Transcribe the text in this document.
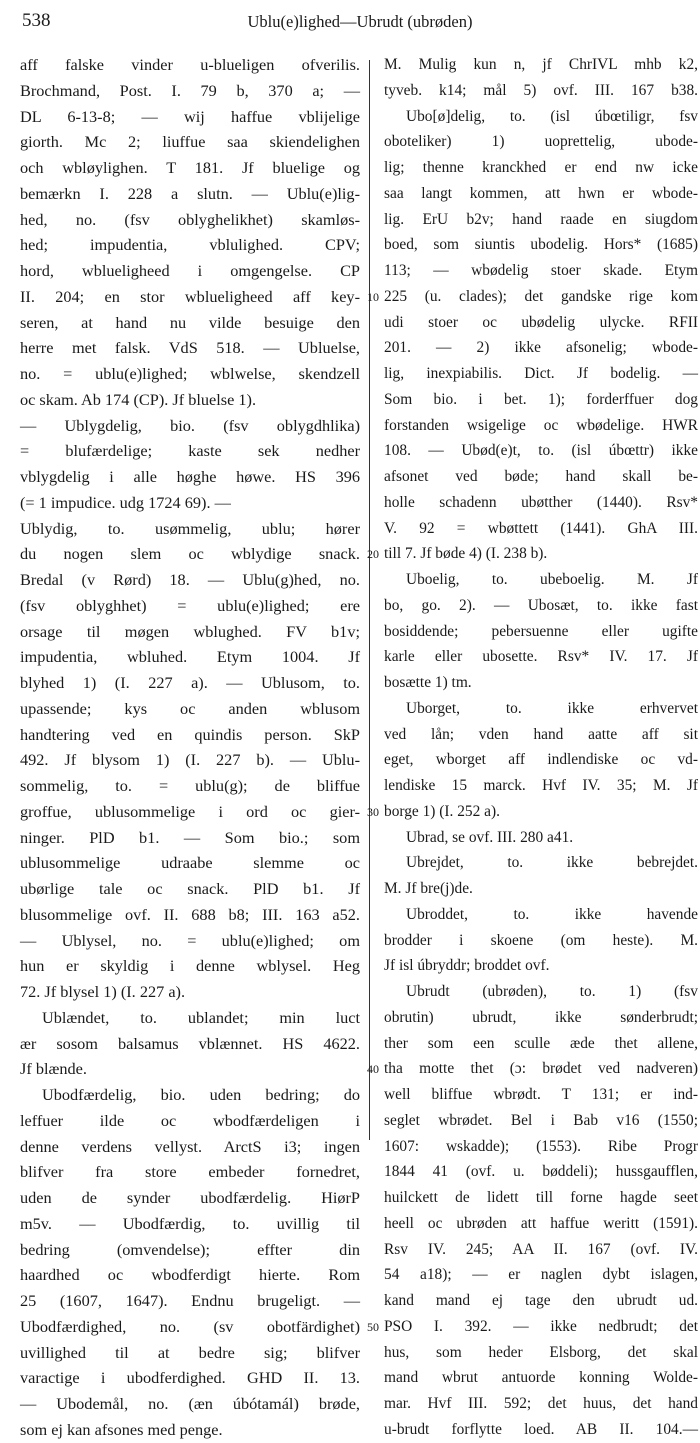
538	Ublu(e)lighed—Ubrudt (ubrøden)
aff falske vinder u-blueligen ofverilis.
Brochmand, Post. I. 79 b, 370 a; —
DL 6-13-8; — wij haffue vblijelige
giorth. Mc 2; liuffue saa skiendelighen
och wbløylighen. T 181. Jf bluelige og
bemærkn I. 228 a slutn. — Ublu(e)lig-
hed, no. (fsv oblyghelikhet) skamløs-
hed; impudentia, vblulighed. CPV;
hord, wblueligheed i omgengelse. CP
II. 204; en stor wblueligheed aff key-
seren, at hand nu vilde besuige den
herre met falsk. VdS 518. — Ubluelse,
no. = ublu(e)lighed; wblwelse, skendzell
oc skam. Ab 174 (CP). Jf bluelse 1).
— Ublygdelig, bio. (fsv oblygdhlika)
= blufærdelige; kaste sek nedher
vblygdelig i alle høghe høwe. HS 396
(= 1 impudice. udg 1724 69). —
Ublydig, to. usømmelig, ublu; hører
du nogen slem oc wblydige snack.
Bredal (v Rørd) 18. — Ublu(g)hed, no.
(fsv oblyghhet) = ublu(e)lighed; ere
orsage til møgen wblughed. FV b1v;
impudentia, wbluhed. Etym 1004. Jf
blyhed 1) (I. 227 a). — Ublusom, to.
upassende; kys oc anden wblusom
handtering ved en quindis person. SkP
492. Jf blysom 1) (I. 227 b). — Ublu-
sommelig, to. = ublu(g); de bliffue
groffue, ublusommelige i ord oc gier-
ninger. PlD b1. — Som bio.; som
ublusommelige udraabe slemme oc
ubørlige tale oc snack. PlD b1. Jf
blusommelige ovf. II. 688 b8; III. 163 a52.
— Ublysel, no. = ublu(e)lighed; om
hun er skyldig i denne wblysel. Heg
72. Jf blysel 1) (I. 227 a).
Ublændet, to. ublandet; min luct
ær sosom balsamus vblænnet. HS 4622.
Jf blænde.
Ubodfærdelig, bio. uden bedring; do
leffuer ilde oc wbodfærdeligen i
denne verdens vellyst. ArctS i3; ingen
blifver fra store embeder fornedret,
uden de synder ubodfærdelig. HiørP
m5v. — Ubodfærdig, to. uvillig til
bedring (omvendelse); effter din
haardhed oc wbodferdigt hierte. Rom
25 (1607, 1647). Endnu brugeligt. —
Ubodfærdighed, no. (sv obotfärdighet)
uvillighed til at bedre sig; blifver
varactige i ubodferdighed. GHD II. 13.
— Ubodemål, no. (æn úbótamál) brøde,
som ej kan afsones med penge.
M. Mulig kun n, jf ChrIVL mhb k2,
tyveb. k14; mål 5) ovf. III. 167 b38.
Ubo[ø]delig, to. (isl úbœtiligr, fsv
oboteliker) 1) uoprettelig, ubode-
lig; thenne kranckhed er end nw icke
saa langt kommen, att hwn er wbode-
lig. ErU b2v; hand raade en siugdom
boed, som siuntis ubodelig. Hors* (1685)
113; — wbødelig stoer skade. Etym
225 (u. clades); det gandske rige kom
udi stoer oc ubødelig ulycke. RFII
201. — 2) ikke afsonelig; wbode-
lig, inexpiabilis. Dict. Jf bodelig. —
Som bio. i bet. 1); forderffuer dog
forstanden wsigelige oc wbødelige. HWR
108. — Ubød(e)t, to. (isl úbœttr) ikke
afsonet ved bøde; hand skall be-
holle schadenn ubøtther (1440). Rsv*
V. 92 = wbøttett (1441). GhA III.
till 7. Jf bøde 4) (I. 238 b).
Uboelig, to. ubeboelig. M. Jf
bo, go. 2). — Ubosæt, to. ikke fast
bosiddende; pebersuenne eller ugifte
karle eller ubosette. Rsv* IV. 17. Jf
bosætte 1) tm.
Uborget, to. ikke erhvervet
ved lån; vden hand aatte aff sit
eget, wborget aff indlendiske oc vd-
lendiske 15 marck. Hvf IV. 35; M. Jf
borge 1) (I. 252 a).
Ubrad, se ovf. III. 280 a41.
Ubrejdet, to. ikke bebrejdet.
M. Jf bre(j)de.
Ubroddet, to. ikke havende
brodder i skoene (om heste). M.
Jf isl úbryddr; broddet ovf.
Ubrudt (ubrøden), to. 1) (fsv
obrutin) ubrudt, ikke sønderbrudt;
ther som een sculle æde thet allene,
tha motte thet (ɔ: brødet ved nadveren)
well bliffue wbrødt. T 131; er ind-
seglet wbrødet. Bel i Bab v16 (1550;
1607: wskadde); (1553). Ribe Progr
1844 41 (ovf. u. bøddeli); hussgaufflen,
huilckett de lidett till forne hagde seet
heell oc ubrøden att haffue weritt (1591).
Rsv IV. 245; AA II. 167 (ovf. IV.
54 a18); — er naglen dybt islagen,
kand mand ej tage den ubrudt ud.
PSO I. 392. — ikke nedbrudt; det
hus, som heder Elsborg, det skal
mand wbrut antuorde konning Wolde-
mar. Hvf III. 592; det huus, det hand
u-brudt forflytte loed. AB II. 104.—
10
20
30
40
50
